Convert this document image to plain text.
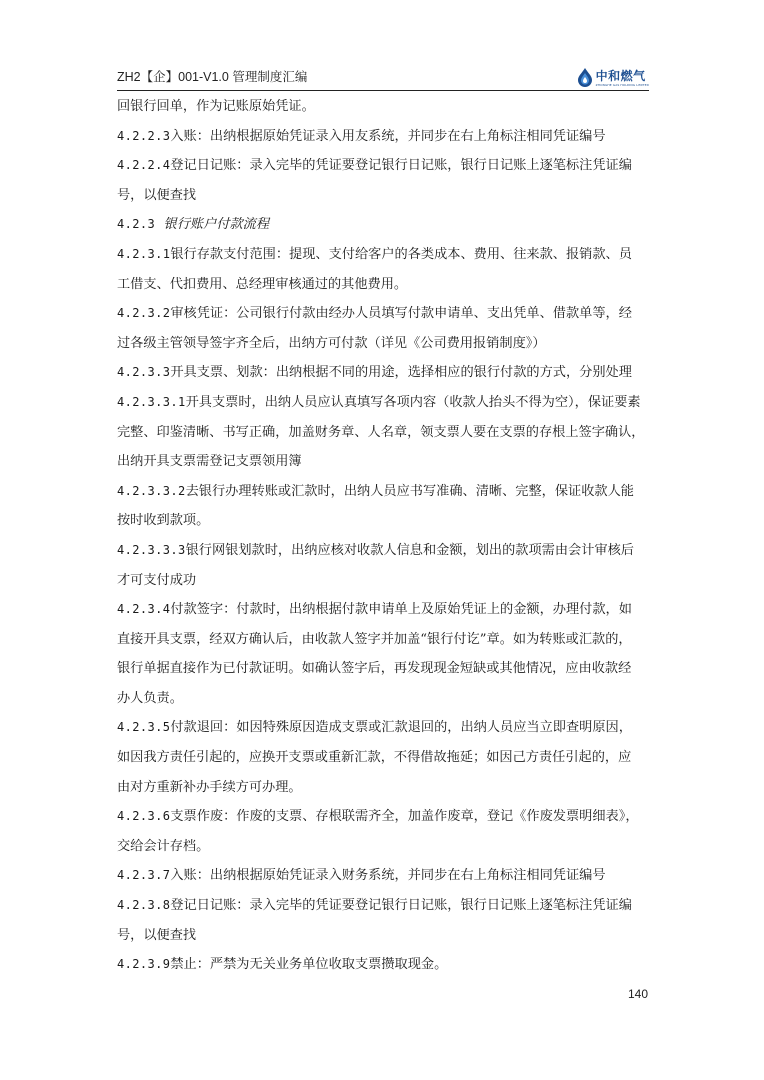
ZH2【企】001-V1.0 管理制度汇编	中和燃气
ZHONGHE GAS HOLDING LIMITED
回银行回单，作为记账原始凭证。
4.2.2.3入账：出纳根据原始凭证录入用友系统，并同步在右上角标注相同凭证编号
4.2.2.4登记日记账：录入完毕的凭证要登记银行日记账，银行日记账上逐笔标注凭证编
号，以便查找
4.2.3 银行账户付款流程
4.2.3.1银行存款支付范围：提现、支付给客户的各类成本、费用、往来款、报销款、员
工借支、代扣费用、总经理审核通过的其他费用。
4.2.3.2审核凭证：公司银行付款由经办人员填写付款申请单、支出凭单、借款单等，经
过各级主管领导签字齐全后，出纳方可付款（详见《公司费用报销制度》）
4.2.3.3开具支票、划款：出纳根据不同的用途，选择相应的银行付款的方式，分别处理
4.2.3.3.1开具支票时，出纳人员应认真填写各项内容（收款人抬头不得为空），保证要素
完整、印鉴清晰、书写正确，加盖财务章、人名章，领支票人要在支票的存根上签字确认，
出纳开具支票需登记支票领用簿
4.2.3.3.2去银行办理转账或汇款时，出纳人员应书写准确、清晰、完整，保证收款人能
按时收到款项。
4.2.3.3.3银行网银划款时，出纳应核对收款人信息和金额，划出的款项需由会计审核后
才可支付成功
4.2.3.4付款签字：付款时，出纳根据付款申请单上及原始凭证上的金额，办理付款，如
直接开具支票，经双方确认后，由收款人签字并加盖“银行付讫”章。如为转账或汇款的，
银行单据直接作为已付款证明。如确认签字后，再发现现金短缺或其他情况，应由收款经
办人负责。
4.2.3.5付款退回：如因特殊原因造成支票或汇款退回的，出纳人员应当立即查明原因，
如因我方责任引起的，应换开支票或重新汇款，不得借故拖延；如因己方责任引起的，应
由对方重新补办手续方可办理。
4.2.3.6支票作废：作废的支票、存根联需齐全，加盖作废章，登记《作废发票明细表》，
交给会计存档。
4.2.3.7入账：出纳根据原始凭证录入财务系统，并同步在右上角标注相同凭证编号
4.2.3.8登记日记账：录入完毕的凭证要登记银行日记账，银行日记账上逐笔标注凭证编
号，以便查找
4.2.3.9禁止：严禁为无关业务单位收取支票攒取现金。
140
